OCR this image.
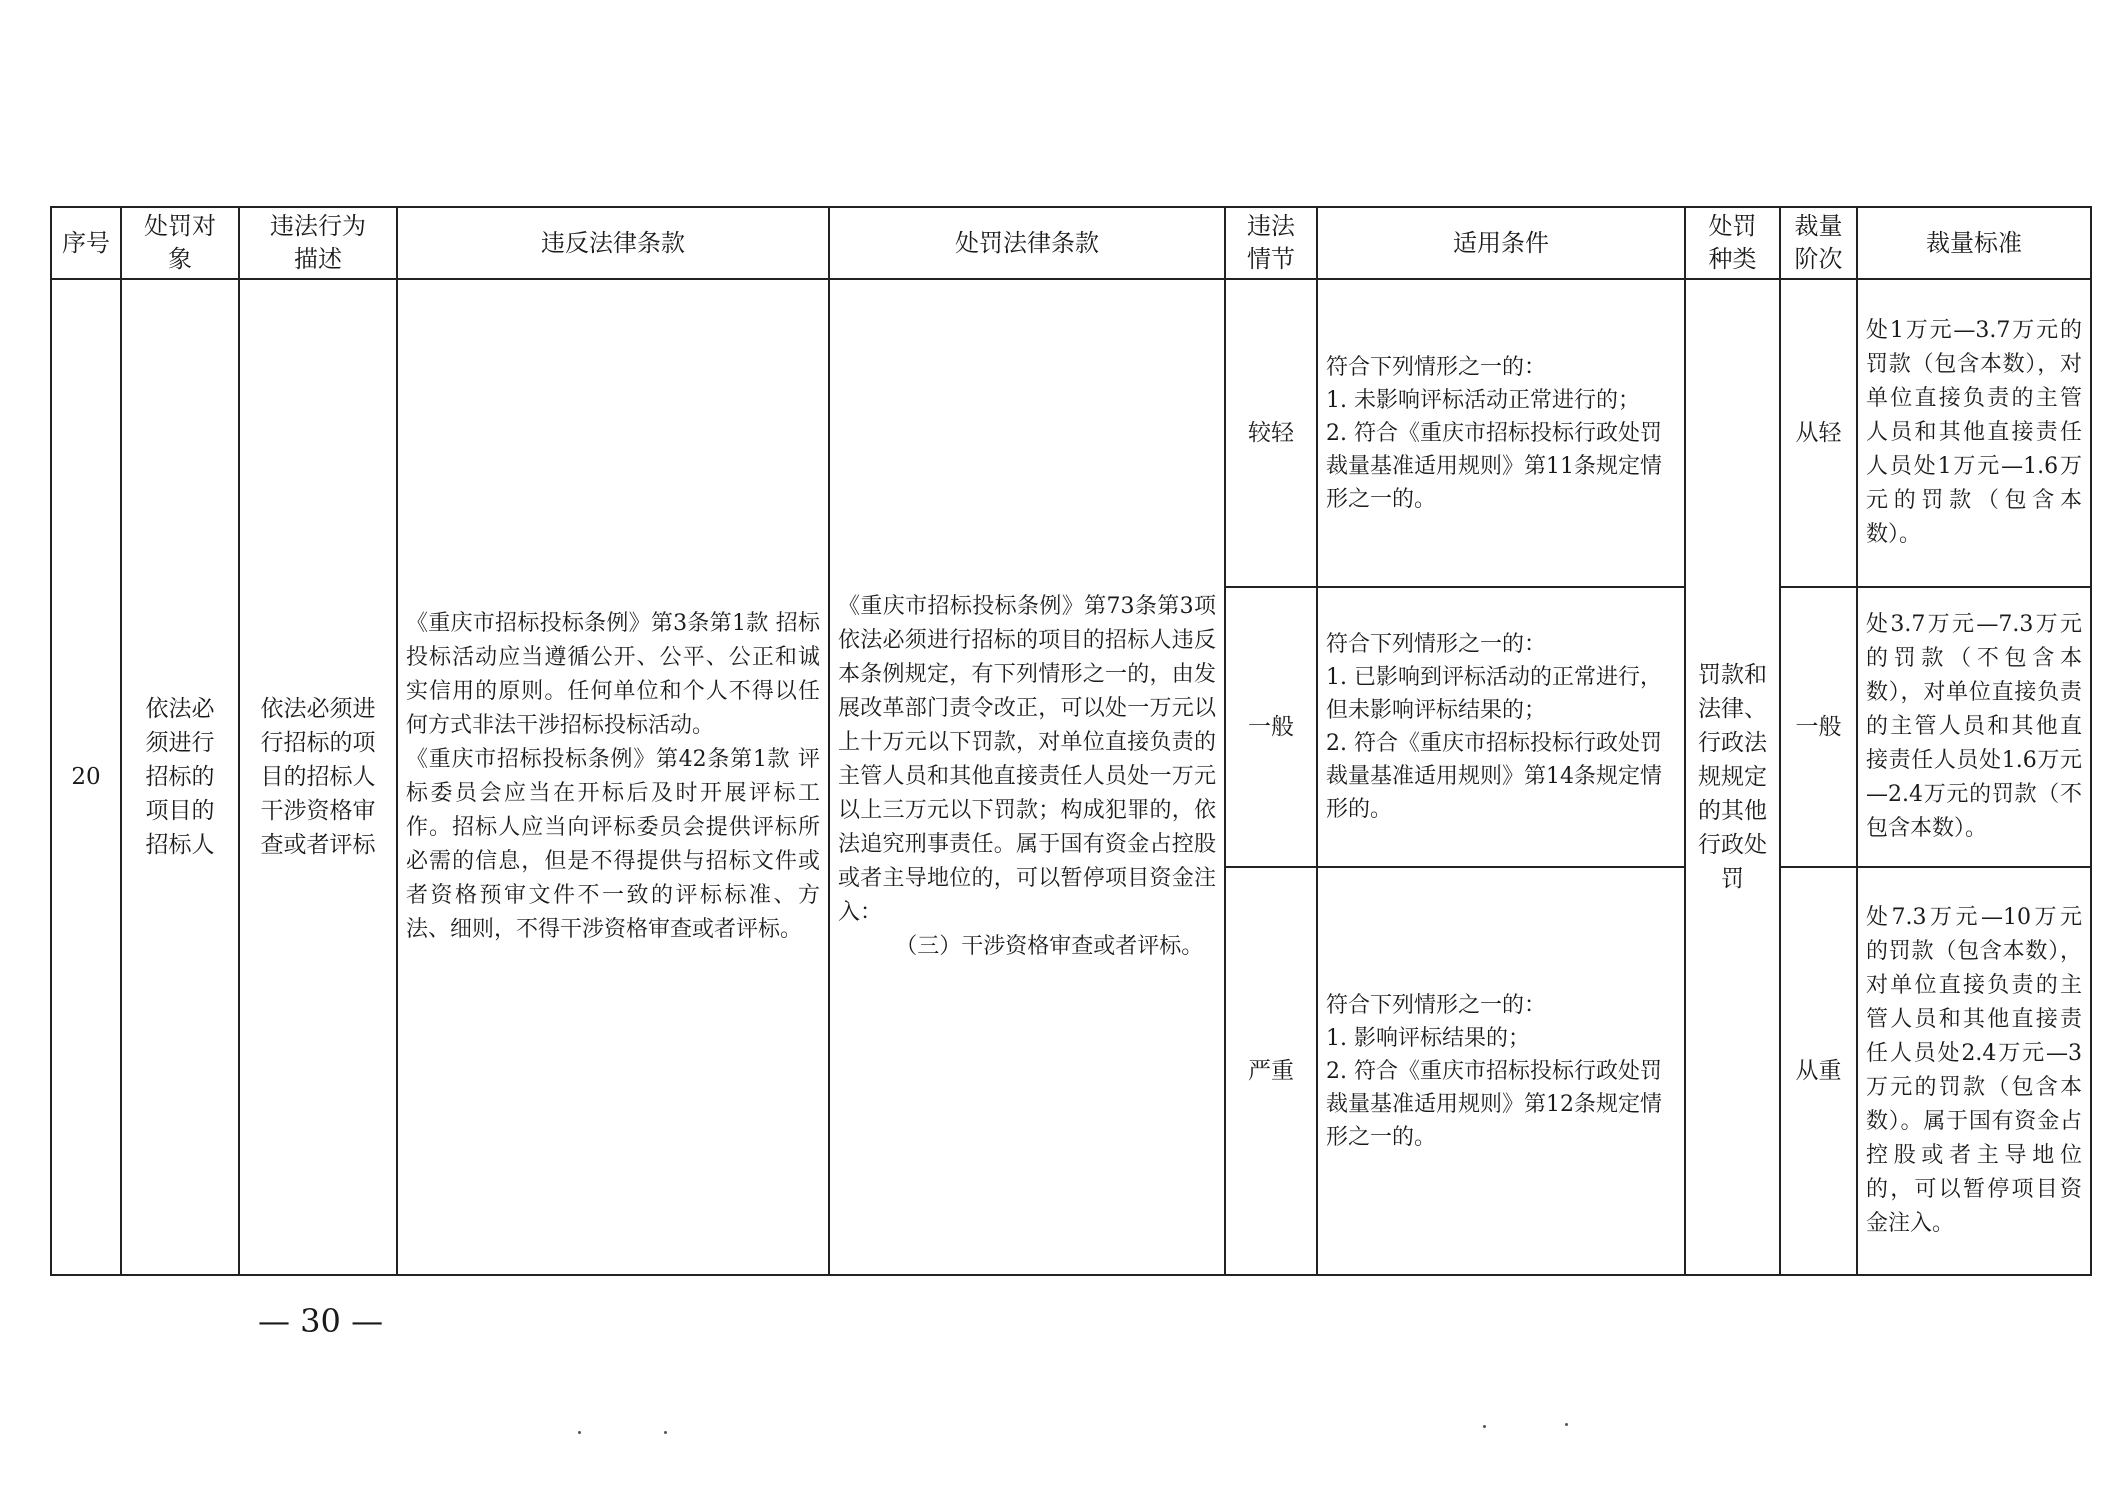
序号	处罚对象	违法行为描述	违反法律条款	处罚法律条款	违法情节	适用条件	处罚种类	裁量阶次	裁量标准
20	依法必须进行招标的项目的招标人	依法必须进行招标的项目的招标人干涉资格审查或者评标	《重庆市招标投标条例》第3条第1款 招标投标活动应当遵循公开、公平、公正和诚实信用的原则。任何单位和个人不得以任何方式非法干涉招标投标活动。
《重庆市招标投标条例》第42条第1款 评标委员会应当在开标后及时开展评标工作。招标人应当向评标委员会提供评标所必需的信息，但是不得提供与招标文件或者资格预审文件不一致的评标标准、方法、细则，不得干涉资格审查或者评标。	《重庆市招标投标条例》第73条第3项 依法必须进行招标的项目的招标人违反本条例规定，有下列情形之一的，由发展改革部门责令改正，可以处一万元以上十万元以下罚款，对单位直接负责的主管人员和其他直接责任人员处一万元以上三万元以下罚款；构成犯罪的，依法追究刑事责任。属于国有资金占控股或者主导地位的，可以暂停项目资金注入：
（三）干涉资格审查或者评标。	较轻	符合下列情形之一的：
1. 未影响评标活动正常进行的；
2. 符合《重庆市招标投标行政处罚裁量基准适用规则》第11条规定情形之一的。	罚款和法律、行政法规规定的其他行政处罚	从轻	处1万元—3.7万元的罚款（包含本数），对单位直接负责的主管人员和其他直接责任人员处1万元—1.6万元的罚款（包含本数）。
					一般	符合下列情形之一的：
1. 已影响到评标活动的正常进行，但未影响评标结果的；
2. 符合《重庆市招标投标行政处罚裁量基准适用规则》第14条规定情形的。		一般	处3.7万元—7.3万元的罚款（不包含本数），对单位直接负责的主管人员和其他直接责任人员处1.6万元—2.4万元的罚款（不包含本数）。
					严重	符合下列情形之一的：
1. 影响评标结果的；
2. 符合《重庆市招标投标行政处罚裁量基准适用规则》第12条规定情形之一的。		从重	处7.3万元—10万元的罚款（包含本数），对单位直接负责的主管人员和其他直接责任人员处2.4万元—3万元的罚款（包含本数）。属于国有资金占控股或者主导地位的，可以暂停项目资金注入。
— 30 —
